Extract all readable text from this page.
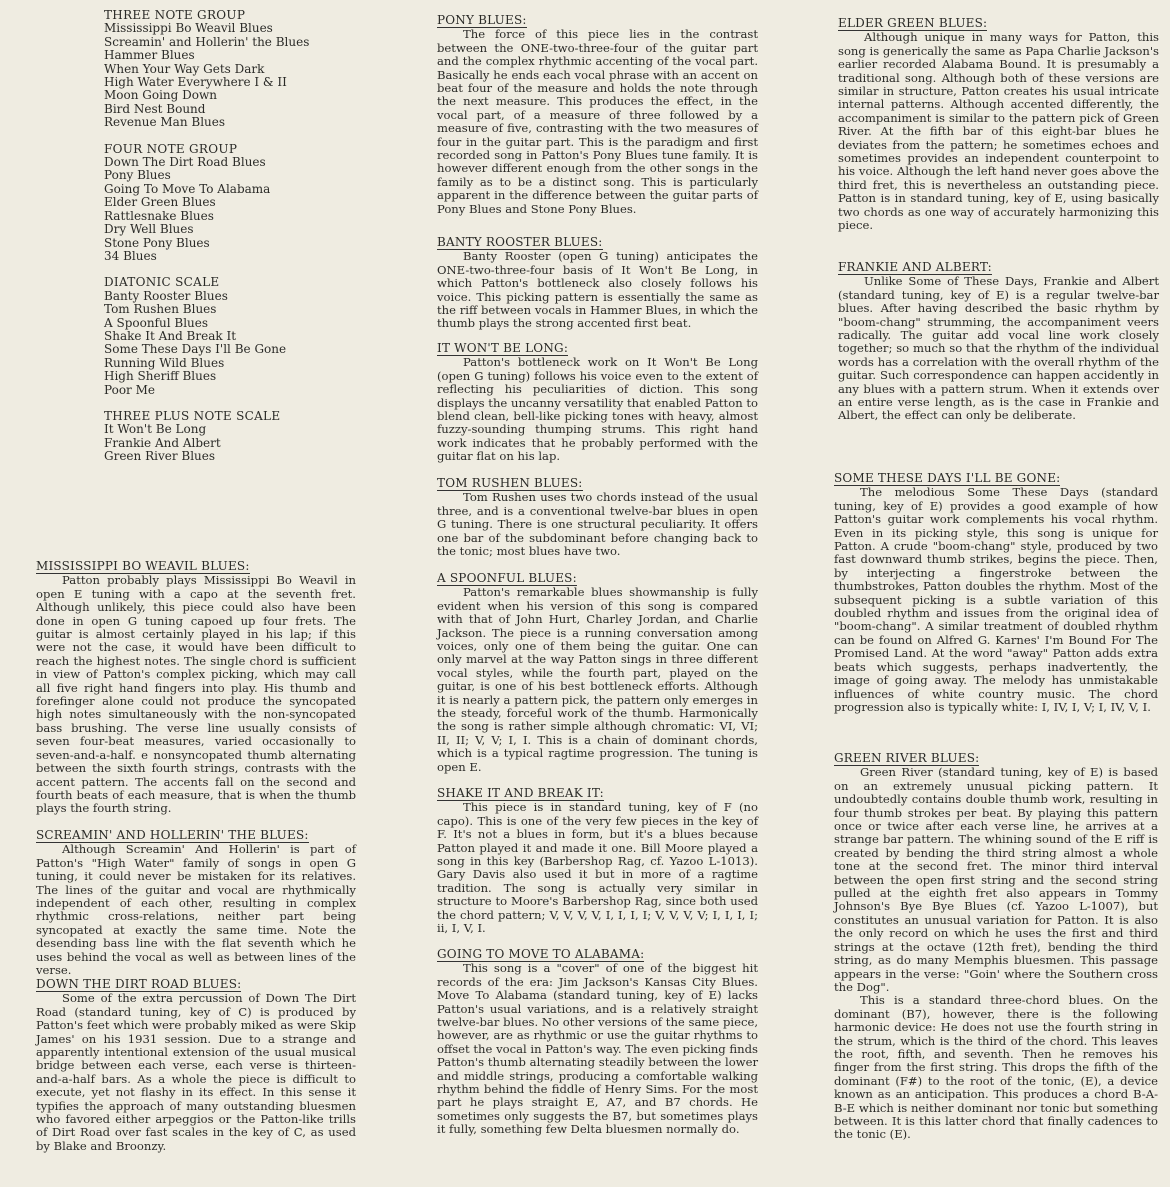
THREE NOTE GROUP
Mississippi Bo Weavil Blues
Screamin' and Hollerin' the Blues
Hammer Blues
When Your Way Gets Dark
High Water Everywhere I & II
Moon Going Down
Bird Nest Bound
Revenue Man Blues
FOUR NOTE GROUP
Down The Dirt Road Blues
Pony Blues
Going To Move To Alabama
Elder Green Blues
Rattlesnake Blues
Dry Well Blues
Stone Pony Blues
34 Blues
DIATONIC SCALE
Banty Rooster Blues
Tom Rushen Blues
A Spoonful Blues
Shake It And Break It
Some These Days I'll Be Gone
Running Wild Blues
High Sheriff Blues
Poor Me
THREE PLUS NOTE SCALE
It Won't Be Long
Frankie And Albert
Green River Blues
MISSISSIPPI BO WEAVIL BLUES:

Patton probably plays Mississippi Bo Weavil in open E tuning with a capo at the seventh fret. Although unlikely, this piece could also have been done in open G tuning capoed up four frets. The guitar is almost certainly played in his lap; if this were not the case, it would have been difficult to reach the highest notes. The single chord is sufficient in view of Patton's complex picking, which may call all five right hand fingers into play. His thumb and forefinger alone could not produce the syncopated high notes simultaneously with the non-syncopated bass brushing. The verse line usually consists of seven four-beat measures, varied occasionally to seven-and-a-half. e nonsyncopated thumb alternating between the sixth fourth strings, contrasts with the accent pattern. The accents fall on the second and fourth beats of each measure, that is when the thumb plays the fourth string.

SCREAMIN' AND HOLLERIN' THE BLUES:

Although Screamin' And Hollerin' is part of Patton's "High Water" family of songs in open G tuning, it could never be mistaken for its relatives. The lines of the guitar and vocal are rhythmically independent of each other, resulting in complex rhythmic cross-relations, neither part being syncopated at exactly the same time. Note the desending bass line with the flat seventh which he uses behind the vocal as well as between lines of the verse.

DOWN THE DIRT ROAD BLUES:

Some of the extra percussion of Down The Dirt Road (standard tuning, key of C) is produced by Patton's feet which were probably miked as were Skip James' on his 1931 session. Due to a strange and apparently intentional extension of the usual musical bridge between each verse, each verse is thirteen-and-a-half bars. As a whole the piece is difficult to execute, yet not flashy in its effect. In this sense it typifies the approach of many outstanding bluesmen who favored either arpeggios or the Patton-like trills of Dirt Road over fast scales in the key of C, as used by Blake and Broonzy.

PONY BLUES:

The force of this piece lies in the contrast between the ONE-two-three-four of the guitar part and the complex rhythmic accenting of the vocal part. Basically he ends each vocal phrase with an accent on beat four of the measure and holds the note through the next measure. This produces the effect, in the vocal part, of a measure of three followed by a measure of five, contrasting with the two measures of four in the guitar part. This is the paradigm and first recorded song in Patton's Pony Blues tune family. It is however different enough from the other songs in the family as to be a distinct song. This is particularly apparent in the difference between the guitar parts of Pony Blues and Stone Pony Blues.

BANTY ROOSTER BLUES:

Banty Rooster (open G tuning) anticipates the ONE-two-three-four basis of It Won't Be Long, in which Patton's bottleneck also closely follows his voice. This picking pattern is essentially the same as the riff between vocals in Hammer Blues, in which the thumb plays the strong accented first beat.

IT WON'T BE LONG:

Patton's bottleneck work on It Won't Be Long (open G tuning) follows his voice even to the extent of reflecting his peculiarities of diction. This song displays the uncanny versatility that enabled Patton to blend clean, bell-like picking tones with heavy, almost fuzzy-sounding thumping strums. This right hand work indicates that he probably performed with the guitar flat on his lap.

TOM RUSHEN BLUES:

Tom Rushen uses two chords instead of the usual three, and is a conventional twelve-bar blues in open G tuning. There is one structural peculiarity. It offers one bar of the subdominant before changing back to the tonic; most blues have two.

A SPOONFUL BLUES:

Patton's remarkable blues showmanship is fully evident when his version of this song is compared with that of John Hurt, Charley Jordan, and Charlie Jackson. The piece is a running conversation among voices, only one of them being the guitar. One can only marvel at the way Patton sings in three different vocal styles, while the fourth part, played on the guitar, is one of his best bottleneck efforts. Although it is nearly a pattern pick, the pattern only emerges in the steady, forceful work of the thumb. Harmonically the song is rather simple although chromatic: VI, VI; II, II; V, V; I, I. This is a chain of dominant chords, which is a typical ragtime progression. The tuning is open E.

SHAKE IT AND BREAK IT:

This piece is in standard tuning, key of F (no capo). This is one of the very few pieces in the key of F. It's not a blues in form, but it's a blues because Patton played it and made it one. Bill Moore played a song in this key (Barbershop Rag, cf. Yazoo L-1013). Gary Davis also used it but in more of a ragtime tradition. The song is actually very similar in structure to Moore's Barbershop Rag, since both used the chord pattern; V, V, V, V, I, I, I, I; V, V, V, V; I, I, I, I; ii, I, V, I.

GOING TO MOVE TO ALABAMA:

This song is a "cover" of one of the biggest hit records of the era: Jim Jackson's Kansas City Blues. Move To Alabama (standard tuning, key of E) lacks Patton's usual variations, and is a relatively straight twelve-bar blues. No other versions of the same piece, however, are as rhythmic or use the guitar rhythms to offset the vocal in Patton's way. The even picking finds Patton's thumb alternating steadily between the lower and middle strings, producing a comfortable walking rhythm behind the fiddle of Henry Sims. For the most part he plays straight E, A7, and B7 chords. He sometimes only suggests the B7, but sometimes plays it fully, something few Delta bluesmen normally do.

ELDER GREEN BLUES:

Although unique in many ways for Patton, this song is generically the same as Papa Charlie Jackson's earlier recorded Alabama Bound. It is presumably a traditional song. Although both of these versions are similar in structure, Patton creates his usual intricate internal patterns. Although accented differently, the accompaniment is similar to the pattern pick of Green River. At the fifth bar of this eight-bar blues he deviates from the pattern; he sometimes echoes and sometimes provides an independent counterpoint to his voice. Although the left hand never goes above the third fret, this is nevertheless an outstanding piece. Patton is in standard tuning, key of E, using basically two chords as one way of accurately harmonizing this piece.

FRANKIE AND ALBERT:

Unlike Some of These Days, Frankie and Albert (standard tuning, key of E) is a regular twelve-bar blues. After having described the basic rhythm by "boom-chang" strumming, the accompaniment veers radically. The guitar add vocal line work closely together; so much so that the rhythm of the individual words has a correlation with the overall rhythm of the guitar. Such correspondence can happen accidently in any blues with a pattern strum. When it extends over an entire verse length, as is the case in Frankie and Albert, the effect can only be deliberate.

SOME THESE DAYS I'LL BE GONE:

The melodious Some These Days (standard tuning, key of E) provides a good example of how Patton's guitar work complements his vocal rhythm. Even in its picking style, this song is unique for Patton. A crude "boom-chang" style, produced by two fast downward thumb strikes, begins the piece. Then, by interjecting a fingerstroke between the thumbstrokes, Patton doubles the rhythm. Most of the subsequent picking is a subtle variation of this doubled rhythm and issues from the original idea of "boom-chang". A similar treatment of doubled rhythm can be found on Alfred G. Karnes' I'm Bound For The Promised Land. At the word "away" Patton adds extra beats which suggests, perhaps inadvertently, the image of going away. The melody has unmistakable influences of white country music. The chord progression also is typically white: I, IV, I, V; I, IV, V, I.

GREEN RIVER BLUES:

Green River (standard tuning, key of E) is based on an extremely unusual picking pattern. It undoubtedly contains double thumb work, resulting in four thumb strokes per beat. By playing this pattern once or twice after each verse line, he arrives at a strange bar pattern. The whining sound of the E riff is created by bending the third string almost a whole tone at the second fret. The minor third interval between the open first string and the second string pulled at the eighth fret also appears in Tommy Johnson's Bye Bye Blues (cf. Yazoo L-1007), but constitutes an unusual variation for Patton. It is also the only record on which he uses the first and third strings at the octave (12th fret), bending the third string, as do many Memphis bluesmen. This passage appears in the verse: "Goin' where the Southern cross the Dog".

This is a standard three-chord blues. On the dominant (B7), however, there is the following harmonic device: He does not use the fourth string in the strum, which is the third of the chord. This leaves the root, fifth, and seventh. Then he removes his finger from the first string. This drops the fifth of the dominant (F#) to the root of the tonic, (E), a device known as an anticipation. This produces a chord B-A-B-E which is neither dominant nor tonic but something between. It is this latter chord that finally cadences to the tonic (E).
